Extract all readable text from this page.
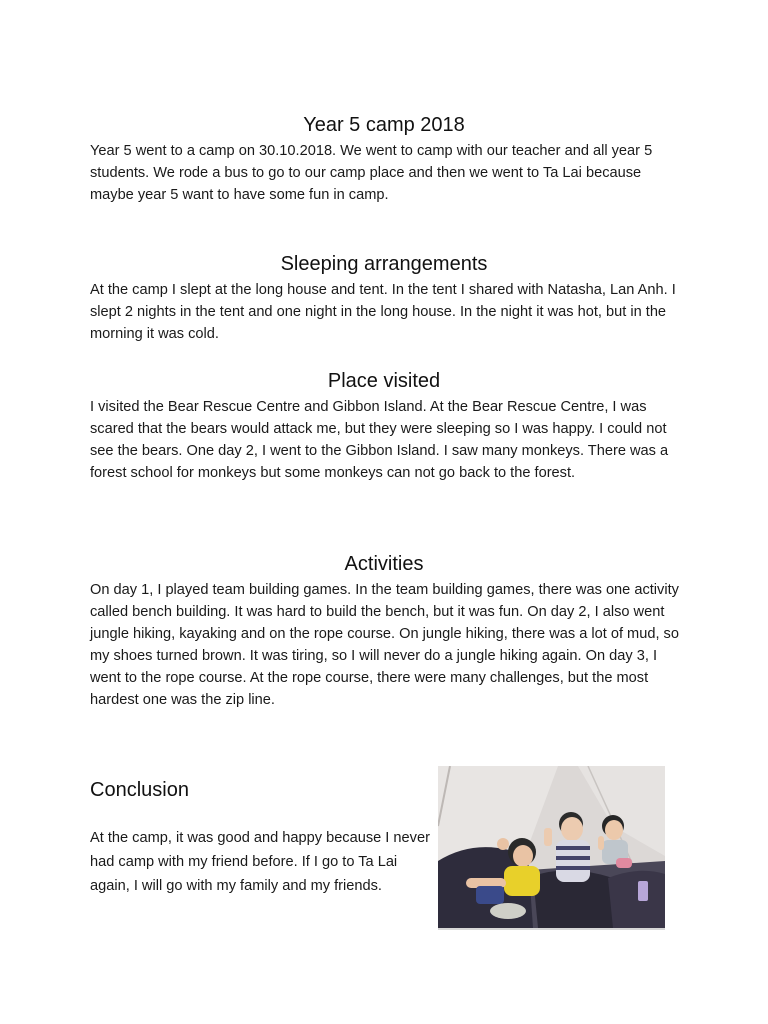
Year 5 camp 2018
Year 5 went to a camp on 30.10.2018. We went to camp with our teacher and all year 5 students. We rode a bus to go to our camp place and then we went to Ta Lai because maybe year 5 want to have some fun in camp.
Sleeping arrangements
At the camp I slept at the long house and tent. In the tent I shared with Natasha, Lan Anh. I slept 2 nights in the tent and one night in the long house. In the night it was hot, but in the morning it was cold.
Place visited
I visited the Bear Rescue Centre and Gibbon Island. At the Bear Rescue Centre, I was scared that the bears would attack me, but they were sleeping so I was happy. I could not see the bears. One day 2, I went to the Gibbon Island. I saw many monkeys. There was a forest school for monkeys but some monkeys can not go back to the forest.
Activities
On day 1, I played team building games. In the team building games, there was one activity called bench building. It was hard to build the bench, but it was fun. On day 2, I also went jungle hiking, kayaking and on the rope course. On jungle hiking, there was a lot of mud, so my shoes turned brown. It was tiring, so I will never do a jungle hiking again. On day 3, I went to the rope course. At the rope course, there were many challenges, but the most hardest one was the zip line.
Conclusion
At the camp, it was good and happy because I never had camp with my friend before. If I go to Ta Lai again, I will go with my family and my friends.
